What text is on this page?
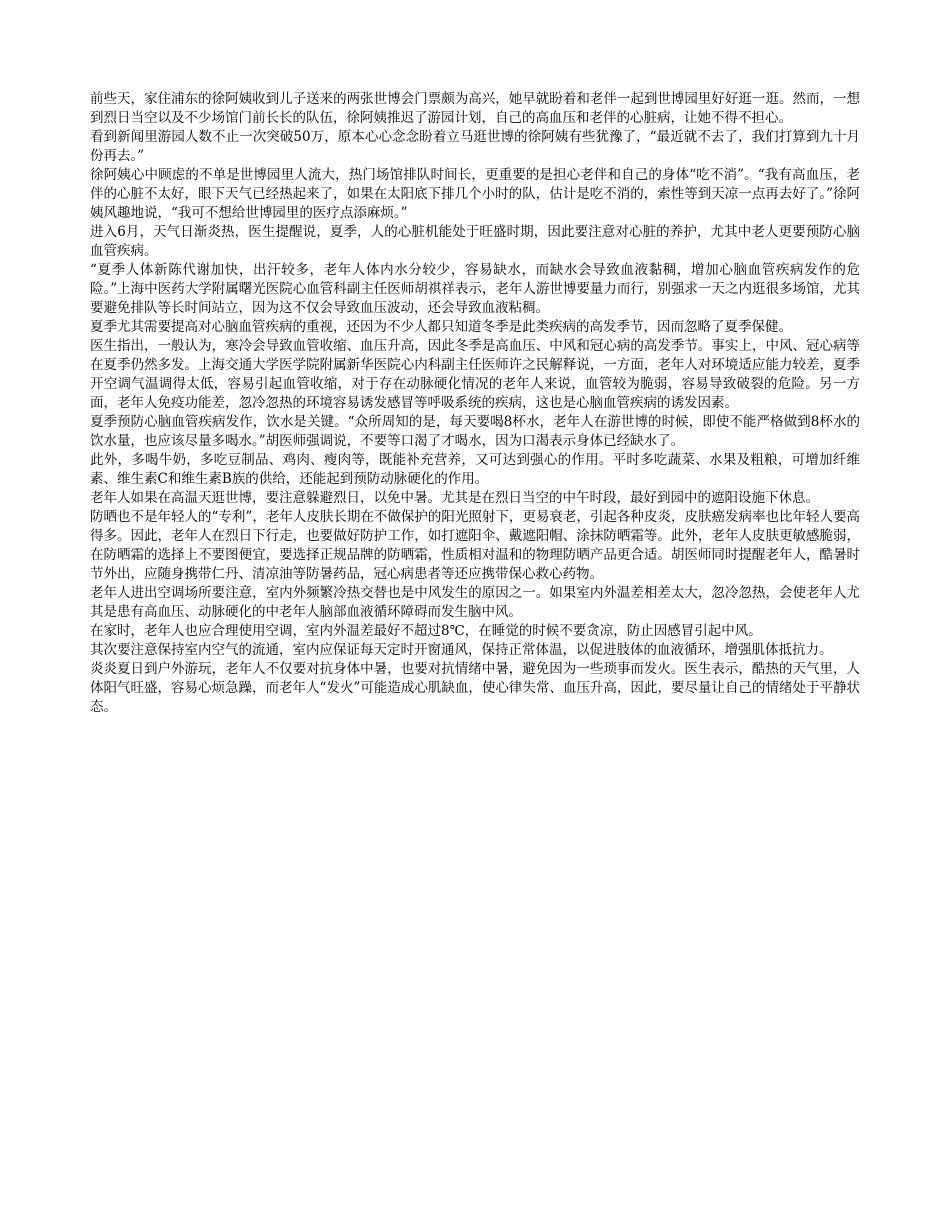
前些天，家住浦东的徐阿姨收到儿子送来的两张世博会门票颇为高兴，她早就盼着和老伴一起到世博园里好好逛一逛。然而，一想到烈日当空以及不少场馆门前长长的队伍，徐阿姨推迟了游园计划，自己的高血压和老伴的心脏病，让她不得不担心。

看到新闻里游园人数不止一次突破50万，原本心心念念盼着立马逛世博的徐阿姨有些犹豫了，“最近就不去了，我们打算到九十月份再去。”

徐阿姨心中顾虑的不单是世博园里人流大，热门场馆排队时间长，更重要的是担心老伴和自己的身体“吃不消”。“我有高血压，老伴的心脏不太好，眼下天气已经热起来了，如果在太阳底下排几个小时的队，估计是吃不消的，索性等到天凉一点再去好了。”徐阿姨风趣地说，“我可不想给世博园里的医疗点添麻烦。”

进入6月，天气日渐炎热，医生提醒说，夏季，人的心脏机能处于旺盛时期，因此要注意对心脏的养护，尤其中老人更要预防心脑血管疾病。

“夏季人体新陈代谢加快，出汗较多，老年人体内水分较少，容易缺水，而缺水会导致血液黏稠，增加心脑血管疾病发作的危险。”上海中医药大学附属曙光医院心血管科副主任医师胡祺祥表示，老年人游世博要量力而行，别强求一天之内逛很多场馆，尤其要避免排队等长时间站立，因为这不仅会导致血压波动，还会导致血液粘稠。

夏季尤其需要提高对心脑血管疾病的重视，还因为不少人都只知道冬季是此类疾病的高发季节，因而忽略了夏季保健。

医生指出，一般认为，寒冷会导致血管收缩、血压升高，因此冬季是高血压、中风和冠心病的高发季节。事实上，中风、冠心病等在夏季仍然多发。上海交通大学医学院附属新华医院心内科副主任医师许之民解释说，一方面，老年人对环境适应能力较差，夏季开空调气温调得太低，容易引起血管收缩，对于存在动脉硬化情况的老年人来说，血管较为脆弱，容易导致破裂的危险。另一方面，老年人免疫功能差，忽冷忽热的环境容易诱发感冒等呼吸系统的疾病，这也是心脑血管疾病的诱发因素。

夏季预防心脑血管疾病发作，饮水是关键。“众所周知的是，每天要喝8杯水，老年人在游世博的时候，即使不能严格做到8杯水的饮水量，也应该尽量多喝水。”胡医师强调说，不要等口渴了才喝水，因为口渴表示身体已经缺水了。

此外，多喝牛奶，多吃豆制品、鸡肉、瘦肉等，既能补充营养，又可达到强心的作用。平时多吃蔬菜、水果及粗粮，可增加纤维素、维生素C和维生素B族的供给，还能起到预防动脉硬化的作用。

老年人如果在高温天逛世博，要注意躲避烈日，以免中暑。尤其是在烈日当空的中午时段，最好到园中的遮阳设施下休息。

防晒也不是年轻人的“专利”，老年人皮肤长期在不做保护的阳光照射下，更易衰老，引起各种皮炎，皮肤癌发病率也比年轻人要高得多。因此，老年人在烈日下行走，也要做好防护工作，如打遮阳伞、戴遮阳帽、涂抹防晒霜等。此外，老年人皮肤更敏感脆弱，在防晒霜的选择上不要图便宜，要选择正规品牌的防晒霜，性质相对温和的物理防晒产品更合适。胡医师同时提醒老年人，酷暑时节外出，应随身携带仁丹、清凉油等防暑药品，冠心病患者等还应携带保心救心药物。

老年人进出空调场所要注意，室内外频繁冷热交替也是中风发生的原因之一。如果室内外温差相差太大，忽冷忽热，会使老年人尤其是患有高血压、动脉硬化的中老年人脑部血液循环障碍而发生脑中风。

在家时，老年人也应合理使用空调，室内外温差最好不超过8℃，在睡觉的时候不要贪凉，防止因感冒引起中风。

其次要注意保持室内空气的流通，室内应保证每天定时开窗通风，保持正常体温，以促进肢体的血液循环，增强肌体抵抗力。

炎炎夏日到户外游玩，老年人不仅要对抗身体中暑，也要对抗情绪中暑，避免因为一些琐事而发火。医生表示，酷热的天气里，人体阳气旺盛，容易心烦急躁，而老年人“发火”可能造成心肌缺血，使心律失常、血压升高，因此，要尽量让自己的情绪处于平静状态。
